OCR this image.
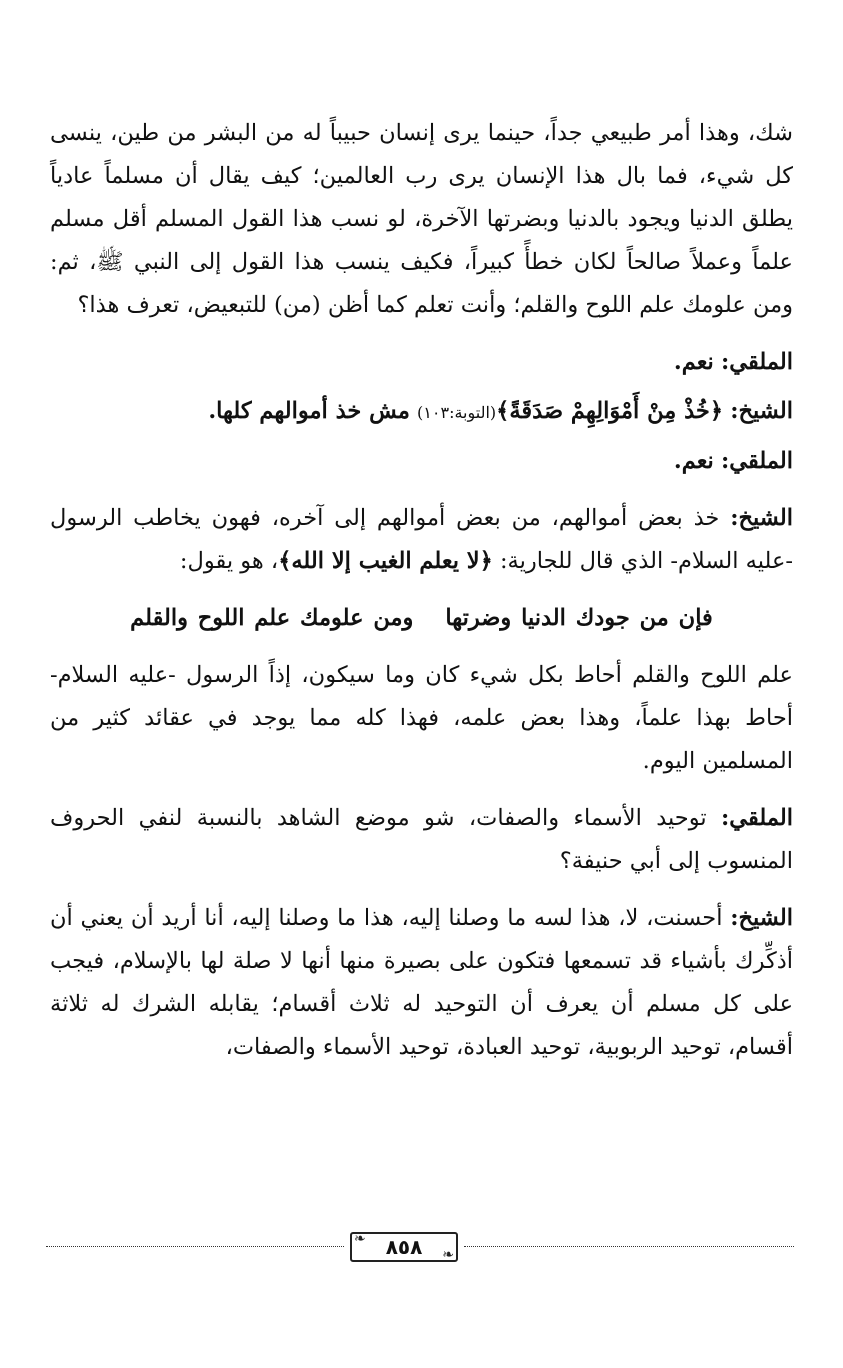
شك، وهذا أمر طبيعي جداً، حينما يرى إنسان حبيباً له من البشر من طين، ينسى كل شيء، فما بال هذا الإنسان يرى رب العالمين؛ كيف يقال أن مسلماً عادياً يطلق الدنيا ويجود بالدنيا وبضرتها الآخرة، لو نسب هذا القول المسلم أقل مسلم علماً وعملاً صالحاً لكان خطأً كبيراً، فكيف ينسب هذا القول إلى النبي ﷺ، ثم: ومن علومك علم اللوح والقلم؛ وأنت تعلم كما أظن (من) للتبعيض، تعرف هذا؟

الملقي: نعم.

الشيخ: ﴿خُذْ مِنْ أَمْوَالِهِمْ صَدَقَةً﴾(التوبة:١٠٣) مش خذ أموالهم كلها.

الملقي: نعم.

الشيخ: خذ بعض أموالهم، من بعض أموالهم إلى آخره، فهون يخاطب الرسول -عليه السلام- الذي قال للجارية: ﴿لا يعلم الغيب إلا الله﴾، هو يقول:

فإن من جودك الدنيا وضرتهاومن علومك علم اللوح والقلم

علم اللوح والقلم أحاط بكل شيء كان وما سيكون، إذاً الرسول -عليه السلام- أحاط بهذا علماً، وهذا بعض علمه، فهذا كله مما يوجد في عقائد كثير من المسلمين اليوم.

الملقي: توحيد الأسماء والصفات، شو موضع الشاهد بالنسبة لنفي الحروف المنسوب إلى أبي حنيفة؟

الشيخ: أحسنت، لا، هذا لسه ما وصلنا إليه، هذا ما وصلنا إليه، أنا أريد أن يعني أن أذكِّرك بأشياء قد تسمعها فتكون على بصيرة منها أنها لا صلة لها بالإسلام، فيجب على كل مسلم أن يعرف أن التوحيد له ثلاث أقسام؛ يقابله الشرك له ثلاثة أقسام، توحيد الربوبية، توحيد العبادة، توحيد الأسماء والصفات،

❧ ٨٥٨ ❧
